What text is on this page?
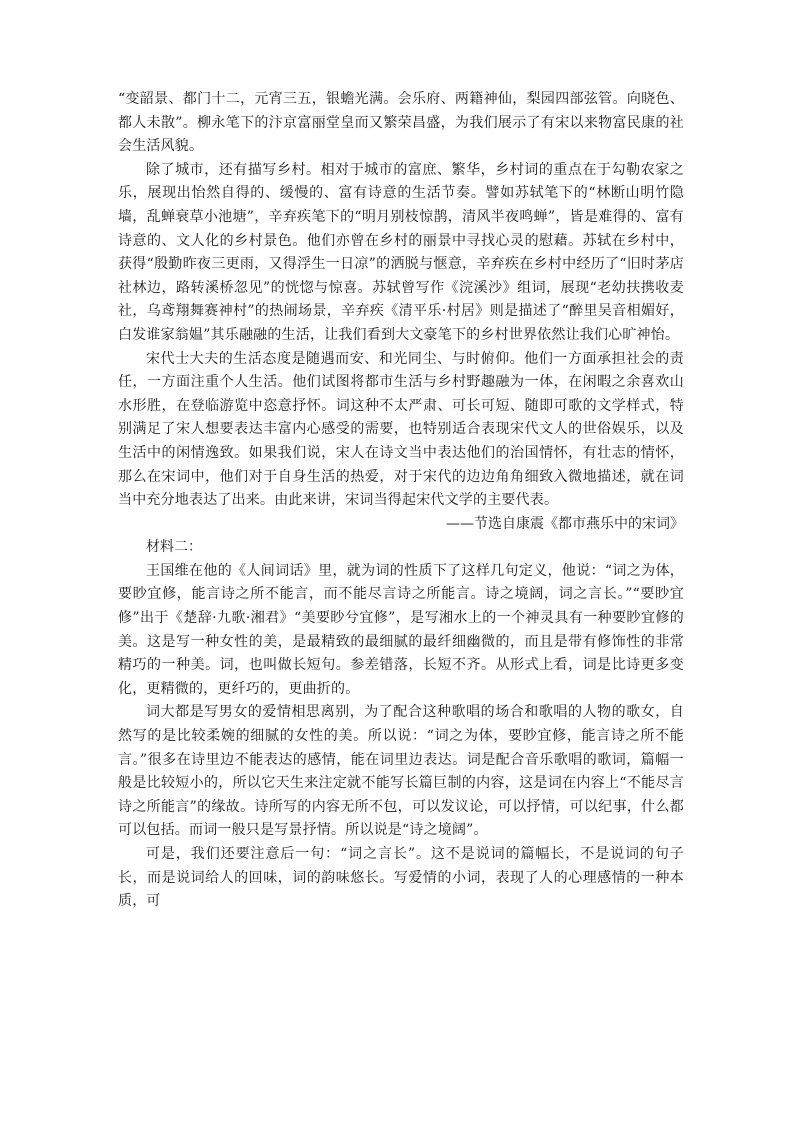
“变韶景、都门十二，元宵三五，银蟾光满。会乐府、两籍神仙，梨园四部弦管。向晓色、都人未散”。柳永笔下的汴京富丽堂皇而又繁荣昌盛，为我们展示了有宋以来物富民康的社会生活风貌。

除了城市，还有描写乡村。相对于城市的富庶、繁华，乡村词的重点在于勾勒农家之乐，展现出怡然自得的、缓慢的、富有诗意的生活节奏。譬如苏轼笔下的“林断山明竹隐墙，乱蝉衰草小池塘”，辛弃疾笔下的“明月别枝惊鹊，清风半夜鸣蝉”，皆是难得的、富有诗意的、文人化的乡村景色。他们亦曾在乡村的丽景中寻找心灵的慰藉。苏轼在乡村中，获得“殷勤昨夜三更雨，又得浮生一日凉”的洒脱与惬意，辛弃疾在乡村中经历了“旧时茅店社林边，路转溪桥忽见”的恍惚与惊喜。苏轼曾写作《浣溪沙》组词，展现“老幼扶携收麦社，乌鸢翔舞赛神村”的热闹场景，辛弃疾《清平乐·村居》则是描述了“醉里吴音相媚好，白发谁家翁媪”其乐融融的生活，让我们看到大文豪笔下的乡村世界依然让我们心旷神怡。

宋代士大夫的生活态度是随遇而安、和光同尘、与时俯仰。他们一方面承担社会的责任，一方面注重个人生活。他们试图将都市生活与乡村野趣融为一体，在闲暇之余喜欢山水形胜，在登临游览中恣意抒怀。词这种不太严肃、可长可短、随即可歌的文学样式，特别满足了宋人想要表达丰富内心感受的需要，也特别适合表现宋代文人的世俗娱乐，以及生活中的闲情逸致。如果我们说，宋人在诗文当中表达他们的治国情怀，有壮志的情怀，那么在宋词中，他们对于自身生活的热爱，对于宋代的边边角角细致入微地描述，就在词当中充分地表达了出来。由此来讲，宋词当得起宋代文学的主要代表。

——节选自康震《都市燕乐中的宋词》

材料二：

王国维在他的《人间词话》里，就为词的性质下了这样几句定义，他说：“词之为体，要眇宜修，能言诗之所不能言，而不能尽言诗之所能言。诗之境阔，词之言长。”“要眇宜修”出于《楚辞·九歌·湘君》“美要眇兮宜修”，是写湘水上的一个神灵具有一种要眇宜修的美。这是写一种女性的美，是最精致的最细腻的最纤细幽微的，而且是带有修饰性的非常精巧的一种美。词，也叫做长短句。参差错落，长短不齐。从形式上看，词是比诗更多变化，更精微的，更纤巧的，更曲折的。

词大都是写男女的爱情相思离别，为了配合这种歌唱的场合和歌唱的人物的歌女，自然写的是比较柔婉的细腻的女性的美。所以说：“词之为体，要眇宜修，能言诗之所不能言。”很多在诗里边不能表达的感情，能在词里边表达。词是配合音乐歌唱的歌词，篇幅一般是比较短小的，所以它天生来注定就不能写长篇巨制的内容，这是词在内容上“不能尽言诗之所能言”的缘故。诗所写的内容无所不包，可以发议论，可以抒情，可以纪事，什么都可以包括。而词一般只是写景抒情。所以说是“诗之境阔”。

可是，我们还要注意后一句：“词之言长”。这不是说词的篇幅长，不是说词的句子长，而是说词给人的回味，词的韵味悠长。写爱情的小词，表现了人的心理感情的一种本质，可
